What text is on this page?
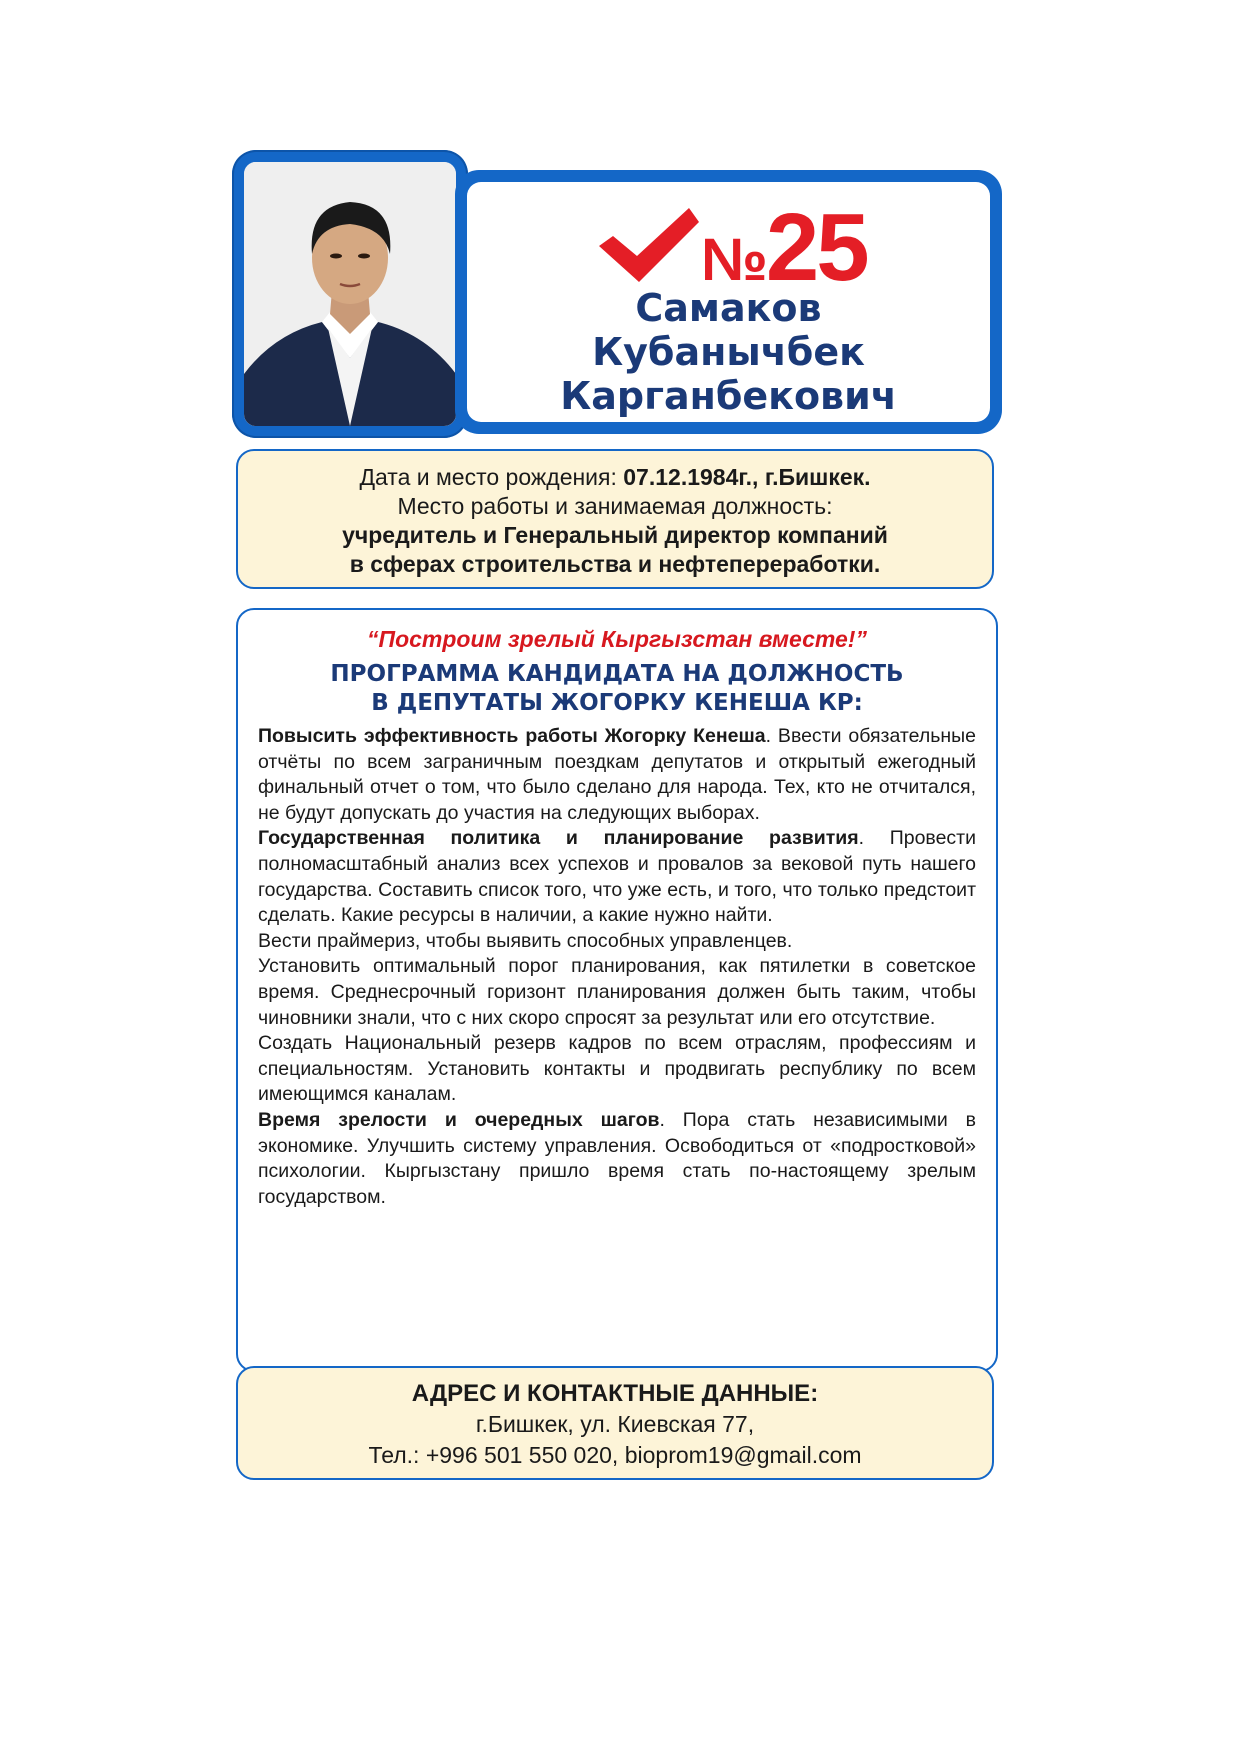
№25
Самаков
Кубанычбек
Карганбекович
Дата и место рождения: 07.12.1984г., г.Бишкек.
Место работы и занимаемая должность:
учредитель и Генеральный директор компаний
в сферах строительства и нефтепереработки.
“Построим зрелый Кыргызстан вместе!”
ПРОГРАММА КАНДИДАТА НА ДОЛЖНОСТЬ
В ДЕПУТАТЫ ЖОГОРКУ КЕНЕША КР:

Повысить эффективность работы Жогорку Кенеша. Ввести обязательные отчёты по всем заграничным поездкам депутатов и открытый ежегодный финальный отчет о том, что было сделано для народа. Тех, кто не отчитался, не будут допускать до участия на следующих выборах.

Государственная политика и планирование развития. Провести полномасштабный анализ всех успехов и провалов за вековой путь нашего государства. Составить список того, что уже есть, и того, что только предстоит сделать. Какие ресурсы в наличии, а какие нужно найти.

Вести праймериз, чтобы выявить способных управленцев.

Установить оптимальный порог планирования, как пятилетки в советское время. Среднесрочный горизонт планирования должен быть таким, чтобы чиновники знали, что с них скоро спросят за результат или его отсутствие.

Создать Национальный резерв кадров по всем отраслям, профессиям и специальностям. Установить контакты и продвигать республику по всем имеющимся каналам.

Время зрелости и очередных шагов. Пора стать независимыми в экономике. Улучшить систему управления. Освободиться от «подростковой» психологии. Кыргызстану пришло время стать по-настоящему зрелым государством.

АДРЕС И КОНТАКТНЫЕ ДАННЫЕ:
г.Бишкек, ул. Киевская 77,
Тел.: +996 501 550 020, bioprom19@gmail.com
